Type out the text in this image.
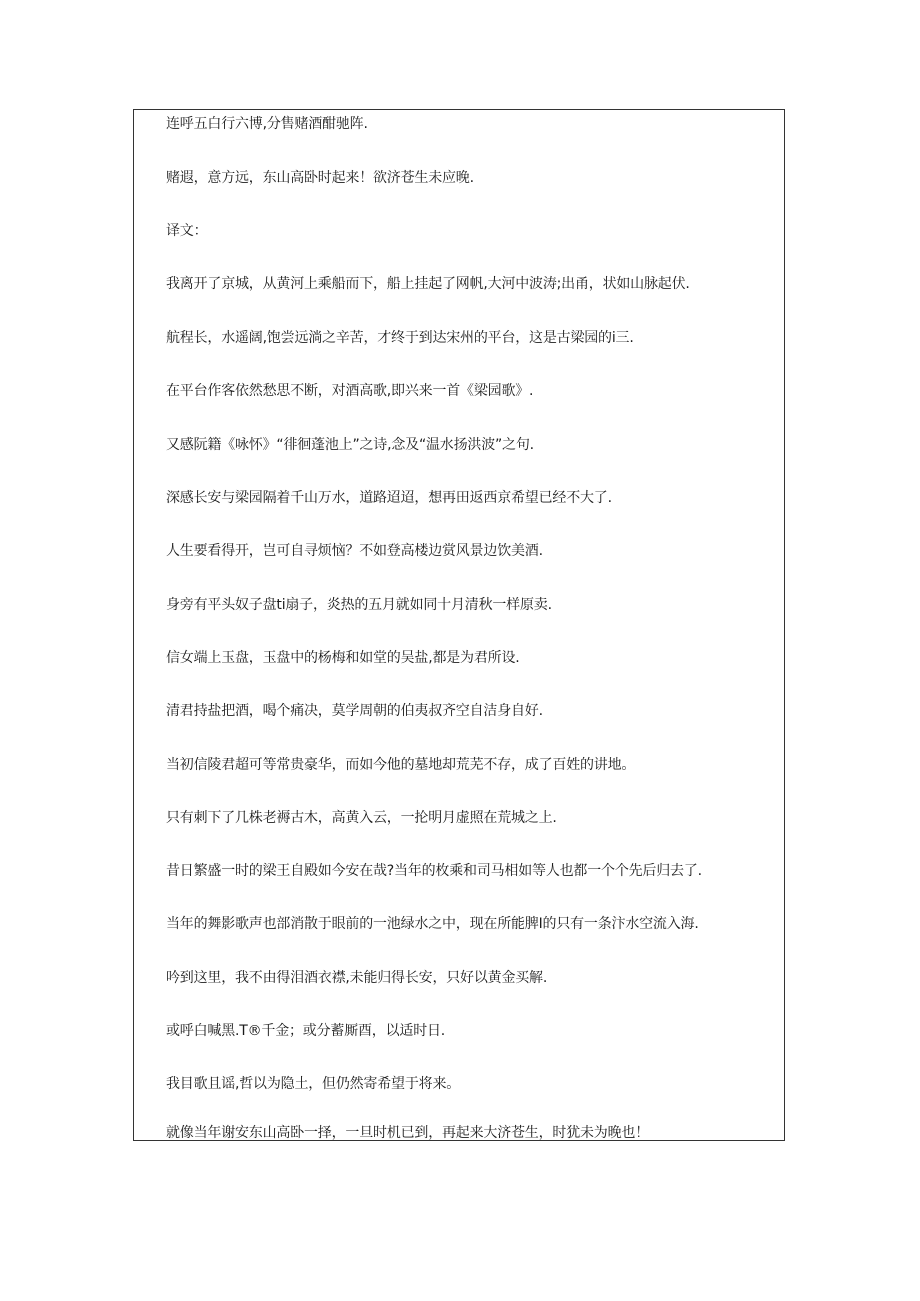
连呼五白行六博,分售赌酒酣驰阵.
赌遐，意方远，东山高卧时起来！欲济苍生未应晚.
译文：
我离开了京城，从黄河上乘船而下，船上挂起了网帆,大河中波涛;出甬，状如山脉起伏.
航程长，水遥阔,饱尝远淌之辛苦，才终于到达宋州的平台，这是古梁园的i三.
在平台作客依然愁思不断，对酒高歌,即兴来一首《梁园歌》.
又感阮籍《咏怀》“徘徊蓬池上”之诗,念及“温水扬洪波”之句.
深感长安与梁园隔着千山万水，道路迢迢，想再田返西京希望已经不大了.
人生要看得开，岂可自寻烦恼？不如登高楼边赏风景边饮美酒.
身旁有平头奴子盘ti扇子，炎热的五月就如同十月清秋一样原卖.
信女端上玉盘，玉盘中的杨梅和如堂的吴盐,都是为君所设.
清君持盐把酒，喝个痛决，莫学周朝的伯夷叔齐空自洁身自好.
当初信陵君超可等常贵豪华，而如今他的墓地却荒芜不存，成了百姓的讲地。
只有刺下了几株老褥古木，高黄入云，一抡明月虚照在荒城之上.
昔日繁盛一时的梁王自殿如今安在哉?当年的枚乘和司马相如等人也都一个个先后归去了.
当年的舞影歌声也部消散于眼前的一池绿水之中，现在所能脾I的只有一条汴水空流入海.
吟到这里，我不由得泪酒衣襟,未能归得长安，只好以黄金买解.
或呼白喊黑.T®千金；或分蓄厮酉，以适时日.
我目歌且谣,哲以为隐土，但仍然寄希望于将来。
就像当年谢安东山高卧一择，一旦时机已到，再起来大济苍生，时犹未为晚也！
